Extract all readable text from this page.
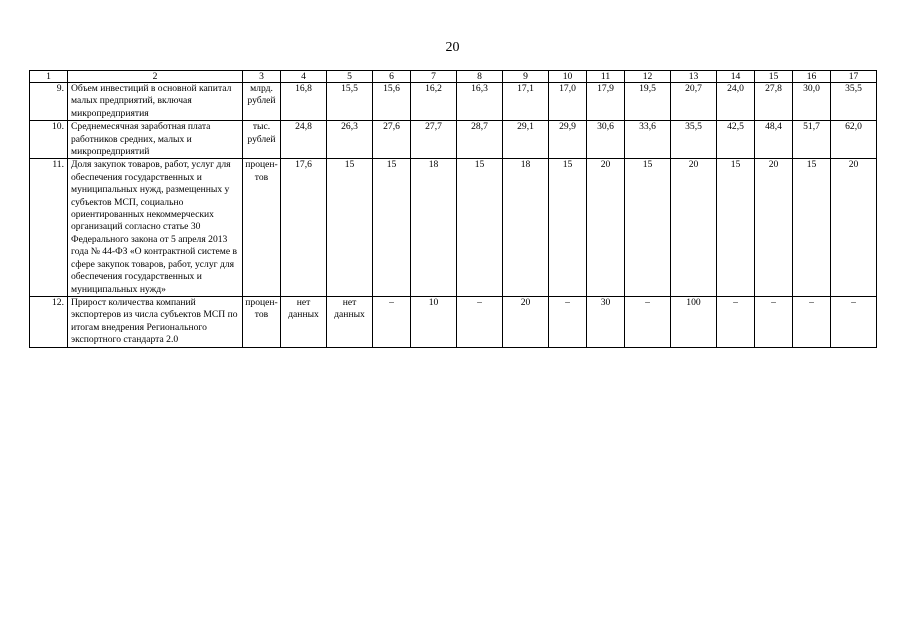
20
1	2	3	4	5	6	7	8	9	10	11	12	13	14	15	16	17
9.	Объем инвестиций в основной капитал малых предприятий, включая микропредприятия	млрд. рублей	16,8	15,5	15,6	16,2	16,3	17,1	17,0	17,9	19,5	20,7	24,0	27,8	30,0	35,5
10.	Среднемесячная заработная плата работников средних, малых и микропредприятий	тыс. рублей	24,8	26,3	27,6	27,7	28,7	29,1	29,9	30,6	33,6	35,5	42,5	48,4	51,7	62,0
11.	Доля закупок товаров, работ, услуг для обеспечения государственных и муниципальных нужд, размещенных у субъектов МСП, социально ориентированных некоммерческих организаций согласно статье 30 Федерального закона от 5 апреля 2013 года № 44-ФЗ «О контрактной системе в сфере закупок товаров, работ, услуг для обеспечения государственных и муниципальных нужд»	процен-тов	17,6	15	15	18	15	18	15	20	15	20	15	20	15	20
12.	Прирост количества компаний экспортеров из числа субъектов МСП по итогам внедрения Регионального экспортного стандарта 2.0	процен-тов	нет данных	нет данных	–	10	–	20	–	30	–	100	–	–	–	–
